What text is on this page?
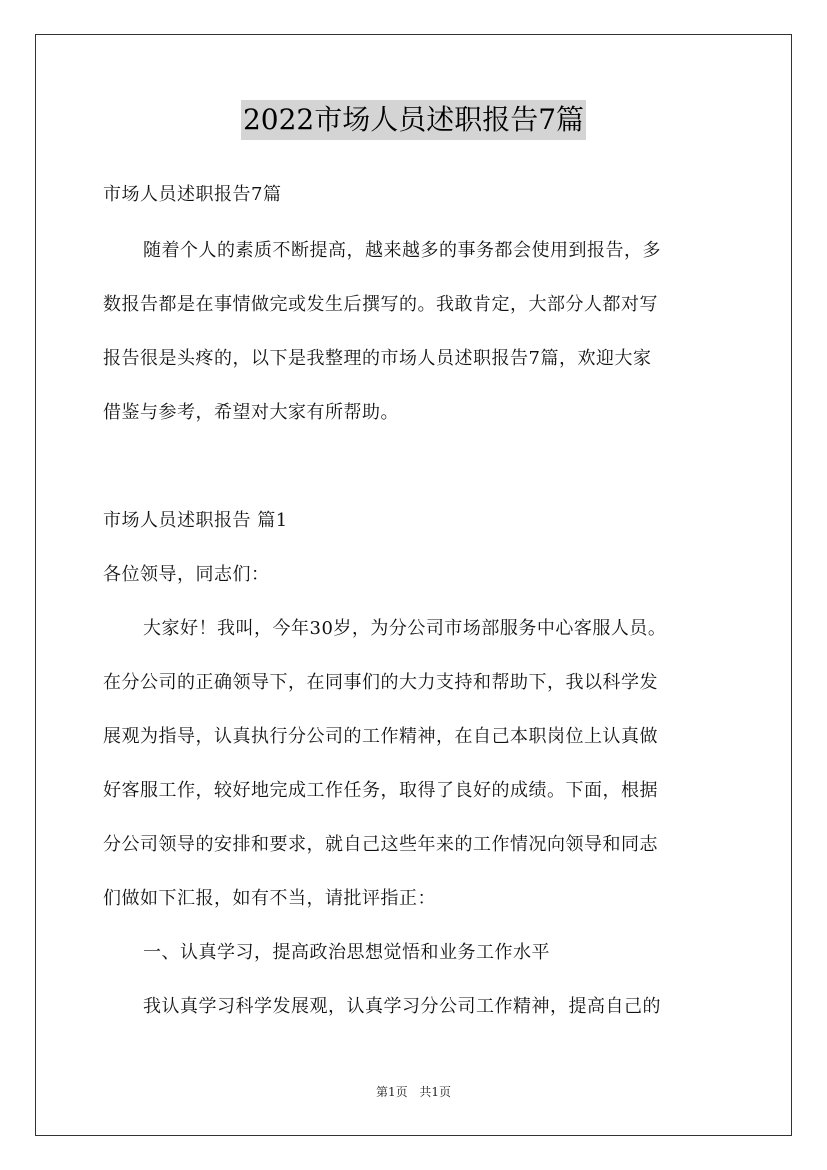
2022市场人员述职报告7篇
市场人员述职报告7篇
随着个人的素质不断提高，越来越多的事务都会使用到报告，多
数报告都是在事情做完或发生后撰写的。我敢肯定，大部分人都对写
报告很是头疼的，以下是我整理的市场人员述职报告7篇，欢迎大家
借鉴与参考，希望对大家有所帮助。
市场人员述职报告 篇1
各位领导，同志们：
大家好！我叫，今年30岁，为分公司市场部服务中心客服人员。
在分公司的正确领导下，在同事们的大力支持和帮助下，我以科学发
展观为指导，认真执行分公司的工作精神，在自己本职岗位上认真做
好客服工作，较好地完成工作任务，取得了良好的成绩。下面，根据
分公司领导的安排和要求，就自己这些年来的工作情况向领导和同志
们做如下汇报，如有不当，请批评指正：
一、认真学习，提高政治思想觉悟和业务工作水平
我认真学习科学发展观，认真学习分公司工作精神，提高自己的
第1页 共1页
